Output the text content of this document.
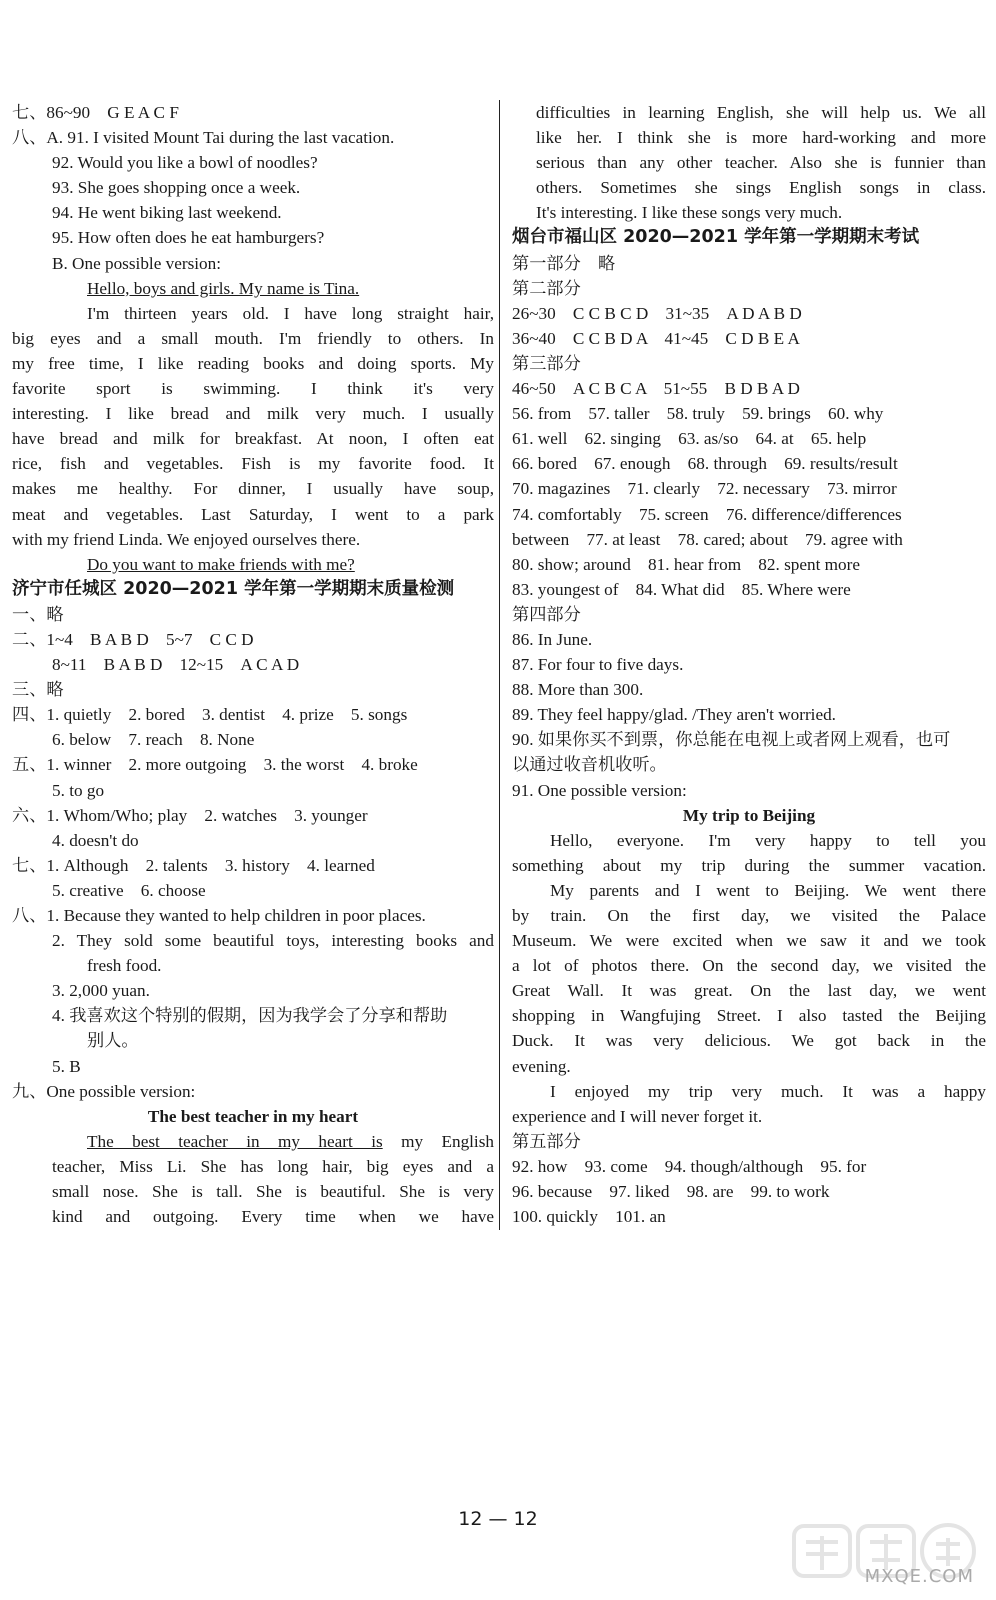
七、86~90　G E A C F
八、A. 91. I visited Mount Tai during the last vacation.
92. Would you like a bowl of noodles?
93. She goes shopping once a week.
94. He went biking last weekend.
95. How often does he eat hamburgers?
B. One possible version:
Hello, boys and girls. My name is Tina.
I'm thirteen years old. I have long straight hair,
big eyes and a small mouth. I'm friendly to others. In
my free time, I like reading books and doing sports. My
favorite sport is swimming. I think it's very
interesting. I like bread and milk very much. I usually
have bread and milk for breakfast. At noon, I often eat
rice, fish and vegetables. Fish is my favorite food. It
makes me healthy. For dinner, I usually have soup,
meat and vegetables. Last Saturday, I went to a park
with my friend Linda. We enjoyed ourselves there.
Do you want to make friends with me?
济宁市任城区 2020—2021 学年第一学期期末质量检测
一、略
二、1~4　B A B D　5~7　C C D
8~11　B A B D　12~15　A C A D
三、略
四、1. quietly　2. bored　3. dentist　4. prize　5. songs
6. below　7. reach　8. None
五、1. winner　2. more outgoing　3. the worst　4. broke
5. to go
六、1. Whom/Who; play　2. watches　3. younger
4. doesn't do
七、1. Although　2. talents　3. history　4. learned
5. creative　6. choose
八、1. Because they wanted to help children in poor places.
2. They sold some beautiful toys, interesting books and
fresh food.
3. 2,000 yuan.
4. 我喜欢这个特别的假期，因为我学会了分享和帮助
别人。
5. B
九、One possible version:
The best teacher in my heart
The best teacher in my heart is my English
teacher, Miss Li. She has long hair, big eyes and a
small nose. She is tall. She is beautiful. She is very
kind and outgoing. Every time when we have
difficulties in learning English, she will help us. We all
like her. I think she is more hard-working and more
serious than any other teacher. Also she is funnier than
others. Sometimes she sings English songs in class.
It's interesting. I like these songs very much.
烟台市福山区 2020—2021 学年第一学期期末考试
第一部分　略
第二部分
26~30　C C B C D　31~35　A D A B D
36~40　C C B D A　41~45　C D B E A
第三部分
46~50　A C B C A　51~55　B D B A D
56. from　57. taller　58. truly　59. brings　60. why
61. well　62. singing　63. as/so　64. at　65. help
66. bored　67. enough　68. through　69. results/result
70. magazines　71. clearly　72. necessary　73. mirror
74. comfortably　75. screen　76. difference/differences
between　77. at least　78. cared; about　79. agree with
80. show; around　81. hear from　82. spent more
83. youngest of　84. What did　85. Where were
第四部分
86. In June.
87. For four to five days.
88. More than 300.
89. They feel happy/glad. /They aren't worried.
90. 如果你买不到票，你总能在电视上或者网上观看，也可
以通过收音机收听。
91. One possible version:
My trip to Beijing
Hello, everyone. I'm very happy to tell you
something about my trip during the summer vacation.
My parents and I went to Beijing. We went there
by train. On the first day, we visited the Palace
Museum. We were excited when we saw it and we took
a lot of photos there. On the second day, we visited the
Great Wall. It was great. On the last day, we went
shopping in Wangfujing Street. I also tasted the Beijing
Duck. It was very delicious. We got back in the
evening.
I enjoyed my trip very much. It was a happy
experience and I will never forget it.
第五部分
92. how　93. come　94. though/although　95. for
96. because　97. liked　98. are　99. to work
100. quickly　101. an
12 — 12
MXQE.COM
